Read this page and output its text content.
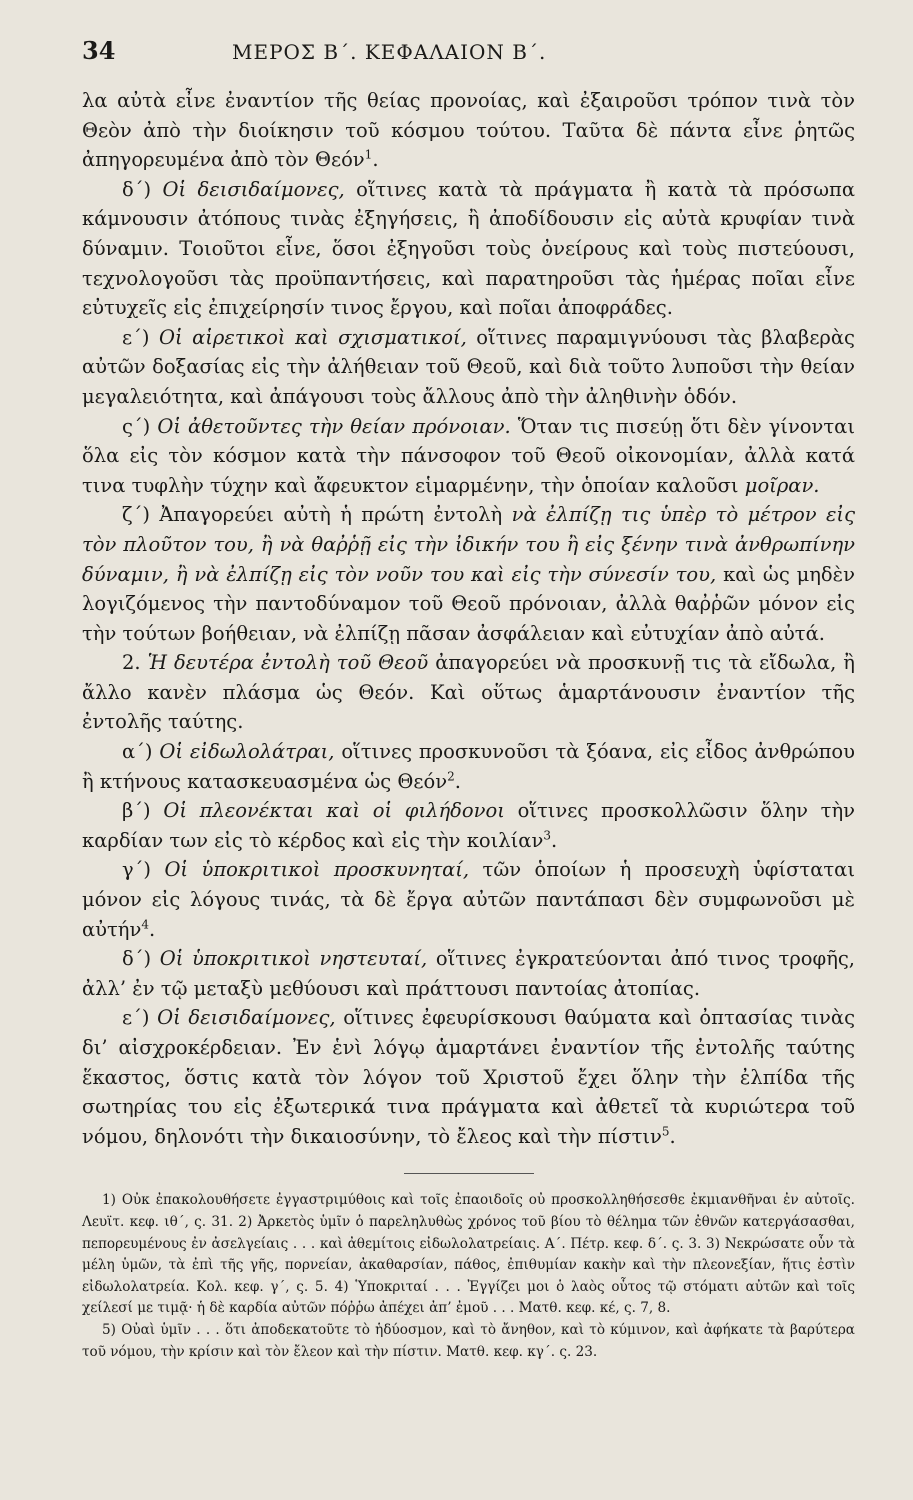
34	ΜΕΡΟΣ Β΄. ΚΕΦΑΛΑΙΟΝ Β΄.

λα αὐτὰ εἶνε ἐναντίον τῆς θείας προνοίας, καὶ ἐξαιροῦσι τρόπον τινὰ τὸν Θεὸν ἀπὸ τὴν διοίκησιν τοῦ κόσμου τούτου. Ταῦτα δὲ πάντα εἶνε ῥητῶς ἀπηγορευμένα ἀπὸ τὸν Θεόν$^1$.

δ΄) Οἱ δεισιδαίμονες, οἵτινες κατὰ τὰ πράγματα ἢ κατὰ τὰ πρόσωπα κάμνουσιν ἀτόπους τινὰς ἐξηγήσεις, ἢ ἀποδίδουσιν εἰς αὐτὰ κρυφίαν τινὰ δύναμιν. Τοιοῦτοι εἶνε, ὅσοι ἐξηγοῦσι τοὺς ὀνείρους καὶ τοὺς πιστεύουσι, τεχνολογοῦσι τὰς προϋπαντήσεις, καὶ παρατηροῦσι τὰς ἡμέρας ποῖαι εἶνε εὐτυχεῖς εἰς ἐπιχείρησίν τινος ἔργου, καὶ ποῖαι ἀποφράδες.

ε΄) Οἱ αἱρετικοὶ καὶ σχισματικοί, οἵτινες παραμιγνύουσι τὰς βλαβερὰς αὐτῶν δοξασίας εἰς τὴν ἀλήθειαν τοῦ Θεοῦ, καὶ διὰ τοῦτο λυποῦσι τὴν θείαν μεγαλειότητα, καὶ ἀπάγουσι τοὺς ἄλλους ἀπὸ τὴν ἀληθινὴν ὁδόν.

ς΄) Οἱ ἀθετοῦντες τὴν θείαν πρόνοιαν. Ὅταν τις πισεύῃ ὅτι δὲν γίνονται ὅλα εἰς τὸν κόσμον κατὰ τὴν πάνσοφον τοῦ Θεοῦ οἰκονομίαν, ἀλλὰ κατά τινα τυφλὴν τύχην καὶ ἄφευκτον εἱμαρμένην, τὴν ὁποίαν καλοῦσι μοῖραν.

ζ΄) Ἀπαγορεύει αὐτὴ ἡ πρώτη ἐντολὴ νὰ ἐλπίζῃ τις ὑπὲρ τὸ μέτρον εἰς τὸν πλοῦτον του, ἢ νὰ θαῤῥῇ εἰς τὴν ἰδικήν του ἢ εἰς ξένην τινὰ ἀνθρωπίνην δύναμιν, ἢ νὰ ἐλπίζῃ εἰς τὸν νοῦν του καὶ εἰς τὴν σύνεσίν του, καὶ ὡς μηδὲν λογιζόμενος τὴν παντοδύναμον τοῦ Θεοῦ πρόνοιαν, ἀλλὰ θαῤῥῶν μόνον εἰς τὴν τούτων βοήθειαν, νὰ ἐλπίζῃ πᾶσαν ἀσφάλειαν καὶ εὐτυχίαν ἀπὸ αὐτά.

2. Ἡ δευτέρα ἐντολὴ τοῦ Θεοῦ ἀπαγορεύει νὰ προσκυνῇ τις τὰ εἴδωλα, ἢ ἄλλο κανὲν πλάσμα ὡς Θεόν. Καὶ οὕτως ἁμαρτάνουσιν ἐναντίον τῆς ἐντολῆς ταύτης.

α΄) Οἱ εἰδωλολάτραι, οἵτινες προσκυνοῦσι τὰ ξόανα, εἰς εἶδος ἀνθρώπου ἢ κτήνους κατασκευασμένα ὡς Θεόν$^2$.

β΄) Οἱ πλεονέκται καὶ οἱ φιλήδονοι οἵτινες προσκολλῶσιν ὅλην τὴν καρδίαν των εἰς τὸ κέρδος καὶ εἰς τὴν κοιλίαν$^3$.

γ΄) Οἱ ὑποκριτικοὶ προσκυνηταί, τῶν ὁποίων ἡ προσευχὴ ὑφίσταται μόνον εἰς λόγους τινάς, τὰ δὲ ἔργα αὐτῶν παντάπασι δὲν συμφωνοῦσι μὲ αὐτήν$^4$.

δ΄) Οἱ ὑποκριτικοὶ νηστευταί, οἵτινες ἐγκρατεύονται ἀπό τινος τροφῆς, ἀλλ’ ἐν τῷ μεταξὺ μεθύουσι καὶ πράττουσι παντοίας ἀτοπίας.

ε΄) Οἱ δεισιδαίμονες, οἵτινες ἐφευρίσκουσι θαύματα καὶ ὀπτασίας τινὰς δι’ αἰσχροκέρδειαν. Ἐν ἑνὶ λόγῳ ἁμαρτάνει ἐναντίον τῆς ἐντολῆς ταύτης ἕκαστος, ὅστις κατὰ τὸν λόγον τοῦ Χριστοῦ ἔχει ὅλην τὴν ἐλπίδα τῆς σωτηρίας του εἰς ἐξωτερικά τινα πράγματα καὶ ἀθετεῖ τὰ κυριώτερα τοῦ νόμου, δηλονότι τὴν δικαιοσύνην, τὸ ἔλεος καὶ τὴν πίστιν$^5$.

1) Οὐκ ἐπακολουθήσετε ἐγγαστριμύθοις καὶ τοῖς ἐπαοιδοῖς οὐ προσκολληθήσεσθε ἐκμιανθῆναι ἐν αὐτοῖς. Λευϊτ. κεφ. ιθ΄, ς. 31. 2) Ἀρκετὸς ὑμῖν ὁ παρεληλυθὼς χρόνος τοῦ βίου τὸ θέλημα τῶν ἐθνῶν κατεργάσασθαι, πεπορευμένους ἐν ἀσελγείαις . . . καὶ ἀθεμίτοις εἰδωλολατρείαις. Α΄. Πέτρ. κεφ. δ΄. ς. 3. 3) Νεκρώσατε οὖν τὰ μέλη ὑμῶν, τὰ ἐπὶ τῆς γῆς, πορνείαν, ἀκαθαρσίαν, πάθος, ἐπιθυμίαν κακὴν καὶ τὴν πλεονεξίαν, ἥτις ἐστὶν εἰδωλολατρεία. Κολ. κεφ. γ΄, ς. 5. 4) Ὑποκριταί . . . Ἐγγίζει μοι ὁ λαὸς οὗτος τῷ στόματι αὐτῶν καὶ τοῖς χείλεσί με τιμᾷ· ἡ δὲ καρδία αὐτῶν πόῤῥω ἀπέχει ἀπ’ ἐμοῦ . . . Ματθ. κεφ. κέ, ς. 7, 8.

5) Οὐαὶ ὑμῖν . . . ὅτι ἀποδεκατοῦτε τὸ ἡδύοσμον, καὶ τὸ ἄνηθον, καὶ τὸ κύμινον, καὶ ἀφήκατε τὰ βαρύτερα τοῦ νόμου, τὴν κρίσιν καὶ τὸν ἔλεον καὶ τὴν πίστιν. Ματθ. κεφ. κγ΄. ς. 23.
